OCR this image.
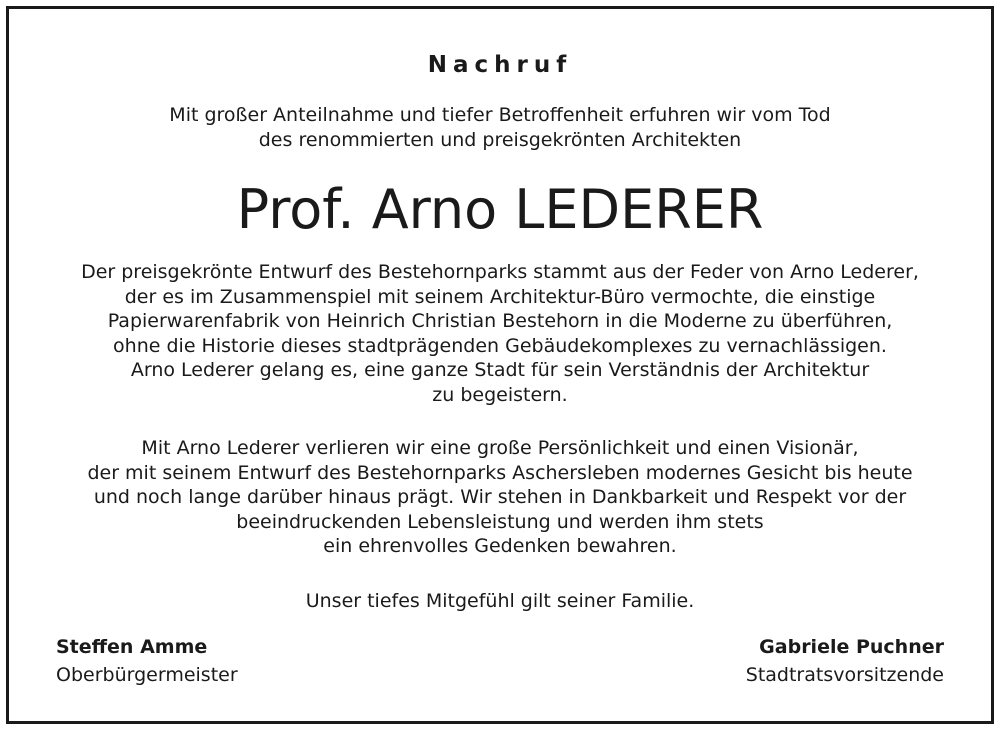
Nachruf
Mit großer Anteilnahme und tiefer Betroffenheit erfuhren wir vom Tod
des renommierten und preisgekrönten Architekten
Prof. Arno LEDERER
Der preisgekrönte Entwurf des Bestehornparks stammt aus der Feder von Arno Lederer,
der es im Zusammenspiel mit seinem Architektur-Büro vermochte, die einstige
Papierwarenfabrik von Heinrich Christian Bestehorn in die Moderne zu überführen,
ohne die Historie dieses stadtprägenden Gebäudekomplexes zu vernachlässigen.
Arno Lederer gelang es, eine ganze Stadt für sein Verständnis der Architektur
zu begeistern.
Mit Arno Lederer verlieren wir eine große Persönlichkeit und einen Visionär,
der mit seinem Entwurf des Bestehornparks Aschersleben modernes Gesicht bis heute
und noch lange darüber hinaus prägt. Wir stehen in Dankbarkeit und Respekt vor der
beeindruckenden Lebensleistung und werden ihm stets
ein ehrenvolles Gedenken bewahren.
Unser tiefes Mitgefühl gilt seiner Familie.
Steffen Amme
Oberbürgermeister
Gabriele Puchner
Stadtratsvorsitzende
